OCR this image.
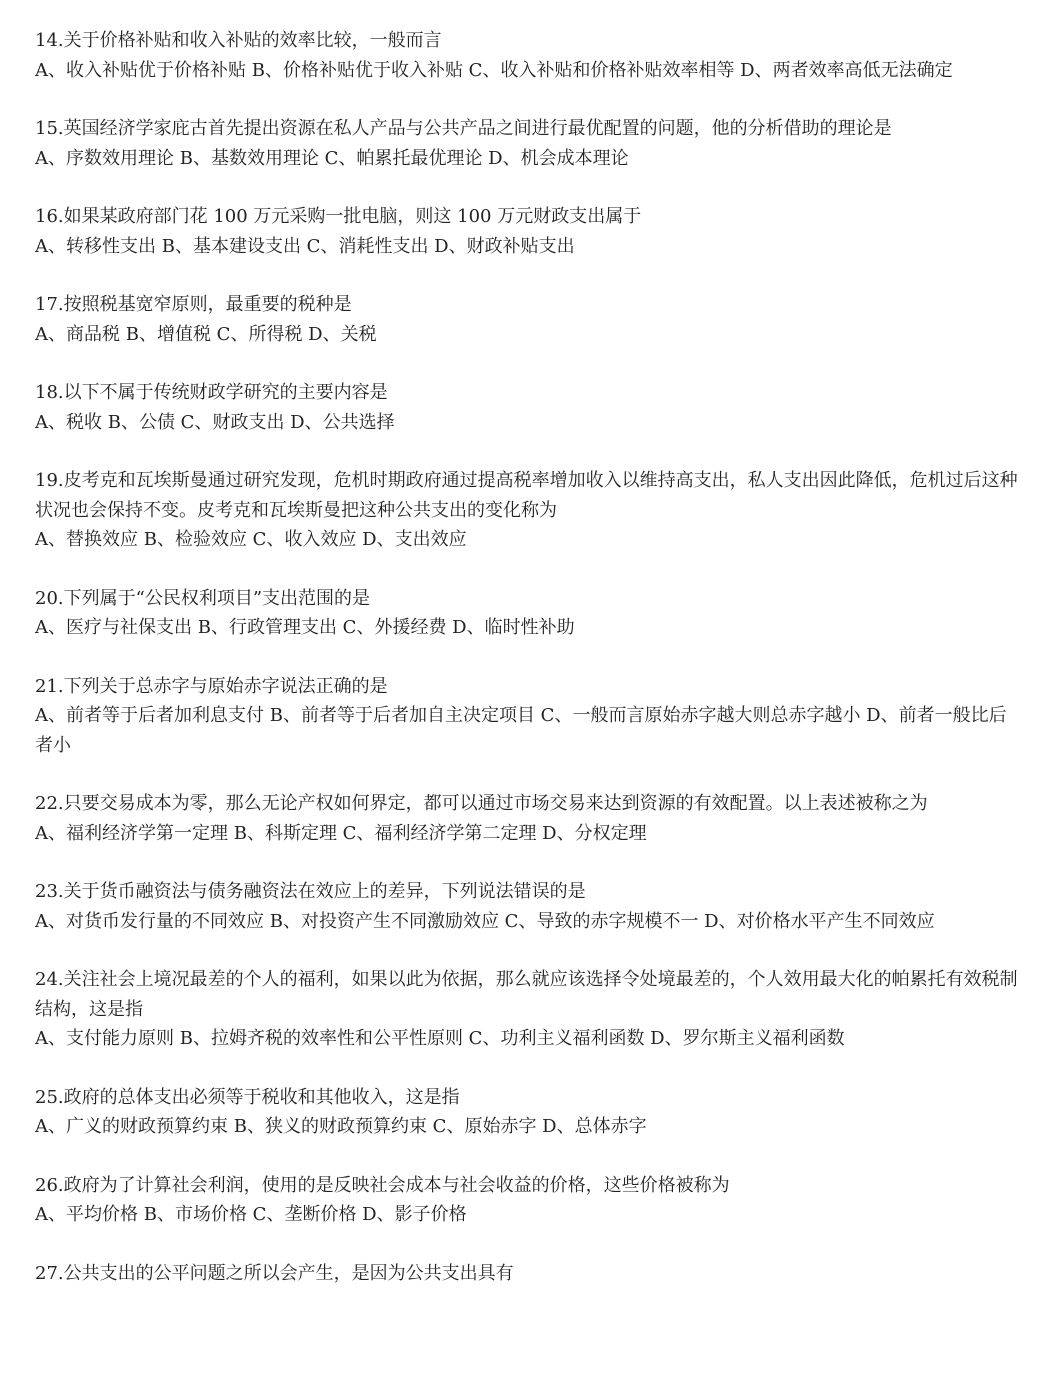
14.关于价格补贴和收入补贴的效率比较，一般而言
A、收入补贴优于价格补贴 B、价格补贴优于收入补贴 C、收入补贴和价格补贴效率相等 D、两者效率高低无法确定
15.英国经济学家庇古首先提出资源在私人产品与公共产品之间进行最优配置的问题，他的分析借助的理论是
A、序数效用理论 B、基数效用理论 C、帕累托最优理论 D、机会成本理论
16.如果某政府部门花 100 万元采购一批电脑，则这 100 万元财政支出属于
A、转移性支出 B、基本建设支出 C、消耗性支出 D、财政补贴支出
17.按照税基宽窄原则，最重要的税种是
A、商品税 B、增值税 C、所得税 D、关税
18.以下不属于传统财政学研究的主要内容是
A、税收 B、公债 C、财政支出 D、公共选择
19.皮考克和瓦埃斯曼通过研究发现，危机时期政府通过提高税率增加收入以维持高支出，私人支出因此降低，危机过后这种状况也会保持不变。皮考克和瓦埃斯曼把这种公共支出的变化称为
A、替换效应 B、检验效应 C、收入效应 D、支出效应
20.下列属于“公民权利项目”支出范围的是
A、医疗与社保支出 B、行政管理支出 C、外援经费 D、临时性补助
21.下列关于总赤字与原始赤字说法正确的是
A、前者等于后者加利息支付 B、前者等于后者加自主决定项目 C、一般而言原始赤字越大则总赤字越小 D、前者一般比后者小
22.只要交易成本为零，那么无论产权如何界定，都可以通过市场交易来达到资源的有效配置。以上表述被称之为
A、福利经济学第一定理 B、科斯定理 C、福利经济学第二定理 D、分权定理
23.关于货币融资法与债务融资法在效应上的差异，下列说法错误的是
A、对货币发行量的不同效应 B、对投资产生不同激励效应 C、导致的赤字规模不一 D、对价格水平产生不同效应
24.关注社会上境况最差的个人的福利，如果以此为依据，那么就应该选择令处境最差的，个人效用最大化的帕累托有效税制结构，这是指
A、支付能力原则 B、拉姆齐税的效率性和公平性原则 C、功利主义福利函数 D、罗尔斯主义福利函数
25.政府的总体支出必须等于税收和其他收入，这是指
A、广义的财政预算约束 B、狭义的财政预算约束 C、原始赤字 D、总体赤字
26.政府为了计算社会利润，使用的是反映社会成本与社会收益的价格，这些价格被称为
A、平均价格 B、市场价格 C、垄断价格 D、影子价格
27.公共支出的公平问题之所以会产生，是因为公共支出具有
